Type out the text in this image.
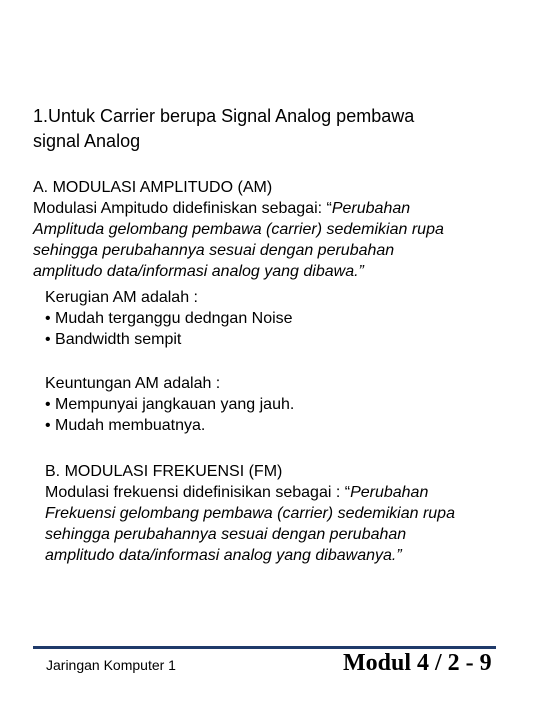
1.Untuk Carrier berupa Signal Analog pembawa
signal Analog
A. MODULASI AMPLITUDO (AM)
Modulasi Ampitudo didefiniskan sebagai: “Perubahan
Amplituda gelombang pembawa (carrier) sedemikian rupa
sehingga perubahannya sesuai dengan perubahan
amplitudo data/informasi analog yang dibawa.”
Kerugian AM adalah :
• Mudah terganggu dedngan Noise
• Bandwidth sempit
Keuntungan AM adalah :
• Mempunyai jangkauan yang jauh.
• Mudah membuatnya.
B. MODULASI FREKUENSI (FM)
Modulasi frekuensi didefinisikan sebagai : “Perubahan
Frekuensi gelombang pembawa (carrier) sedemikian rupa
sehingga perubahannya sesuai dengan perubahan
amplitudo data/informasi analog yang dibawanya.”
Jaringan Komputer 1	Modul 4 / 2 - 9
